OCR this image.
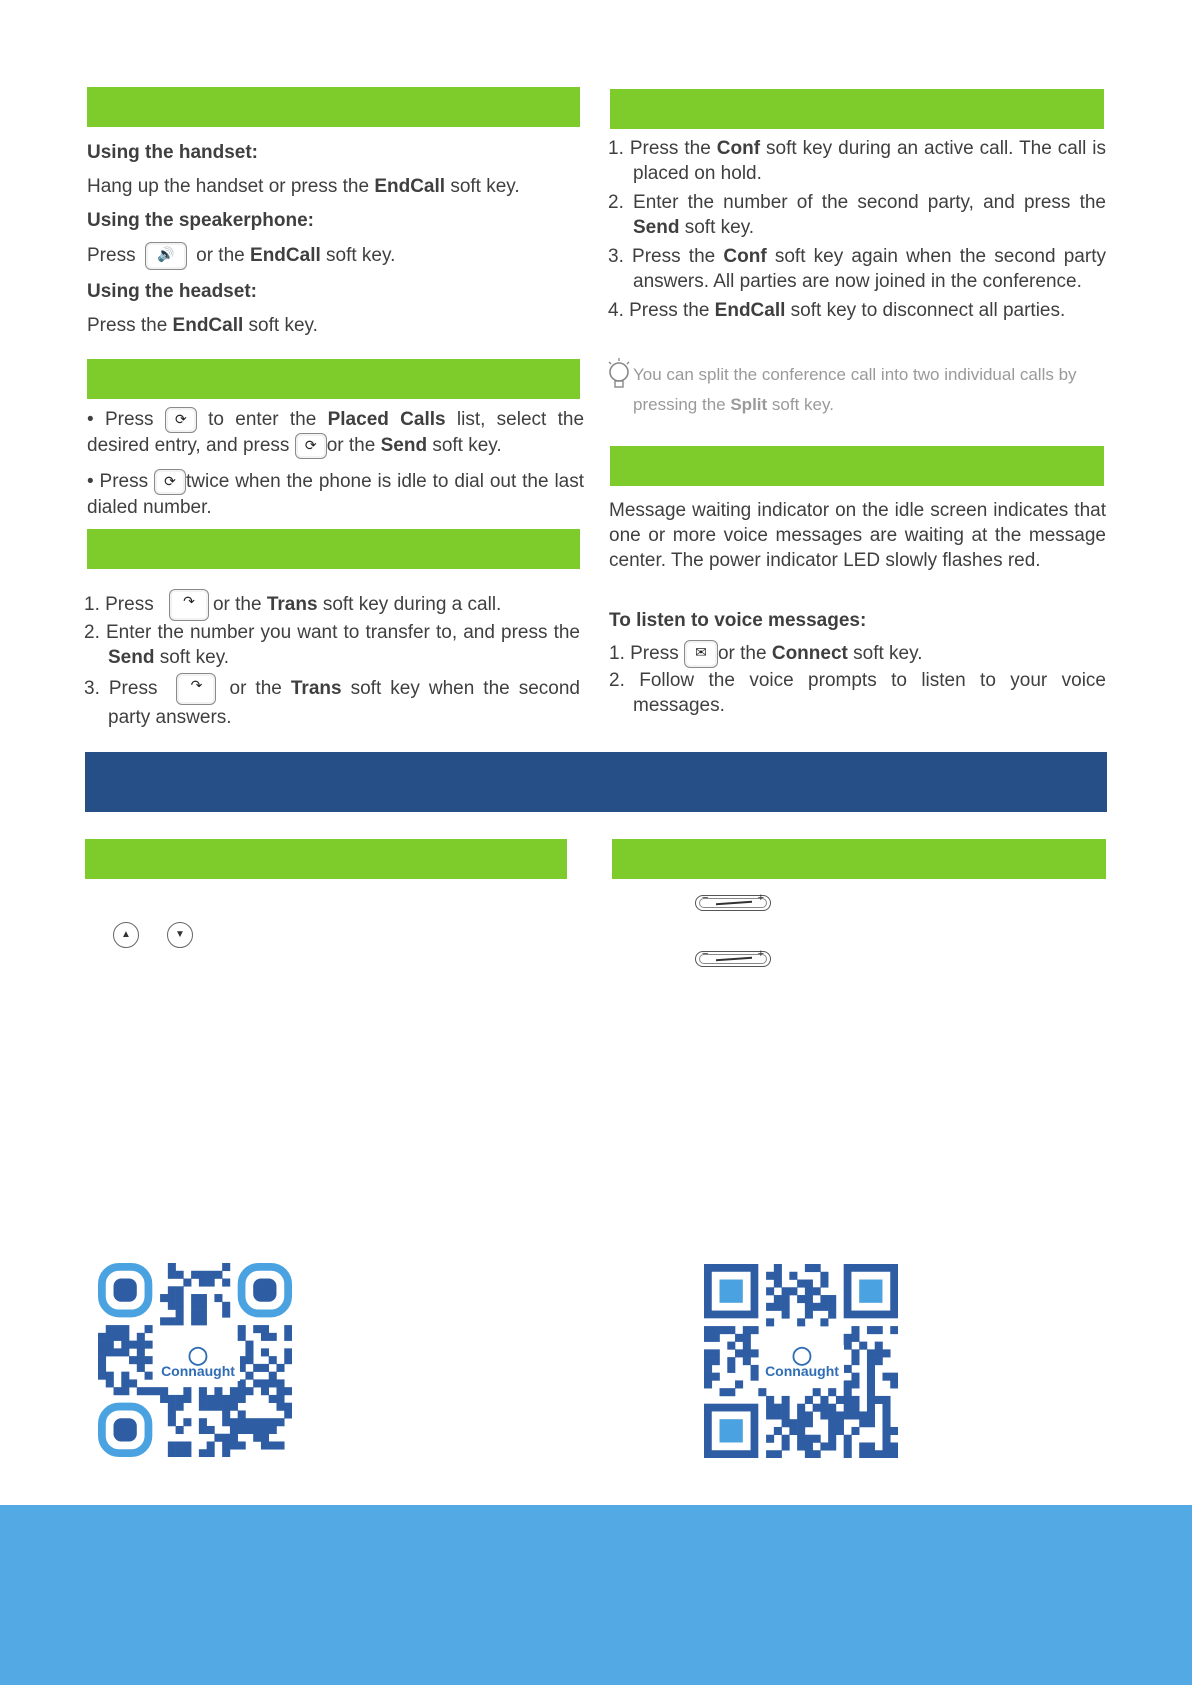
Using the handset:
Hang up the handset or press the EndCall soft key.
Using the speakerphone:
Press 🔊 or the EndCall soft key.
Using the headset:
Press the EndCall soft key.
• Press ⟳ to enter the Placed Calls list, select the desired entry, and press ⟳ or the Send soft key.
• Press ⟳ twice when the phone is idle to dial out the last dialed number.
1. Press ↷ or the Trans soft key during a call.
2. Enter the number you want to transfer to, and press the Send soft key.
3. Press ↷ or the Trans soft key when the second party answers.
1. Press the Conf soft key during an active call. The call is placed on hold.
2. Enter the number of the second party, and press the Send soft key.
3. Press the Conf soft key again when the second party answers. All parties are now joined in the conference.
4. Press the EndCall soft key to disconnect all parties.
You can split the conference call into two individual calls by pressing the Split soft key.
Message waiting indicator on the idle screen indicates that one or more voice messages are waiting at the message center. The power indicator LED slowly flashes red.
To listen to voice messages:
1. Press ✉ or the Connect soft key.
2. Follow the voice prompts to listen to your voice messages.
▲	▼
−	+
−	+
◯
Connaught
◯
Connaught
